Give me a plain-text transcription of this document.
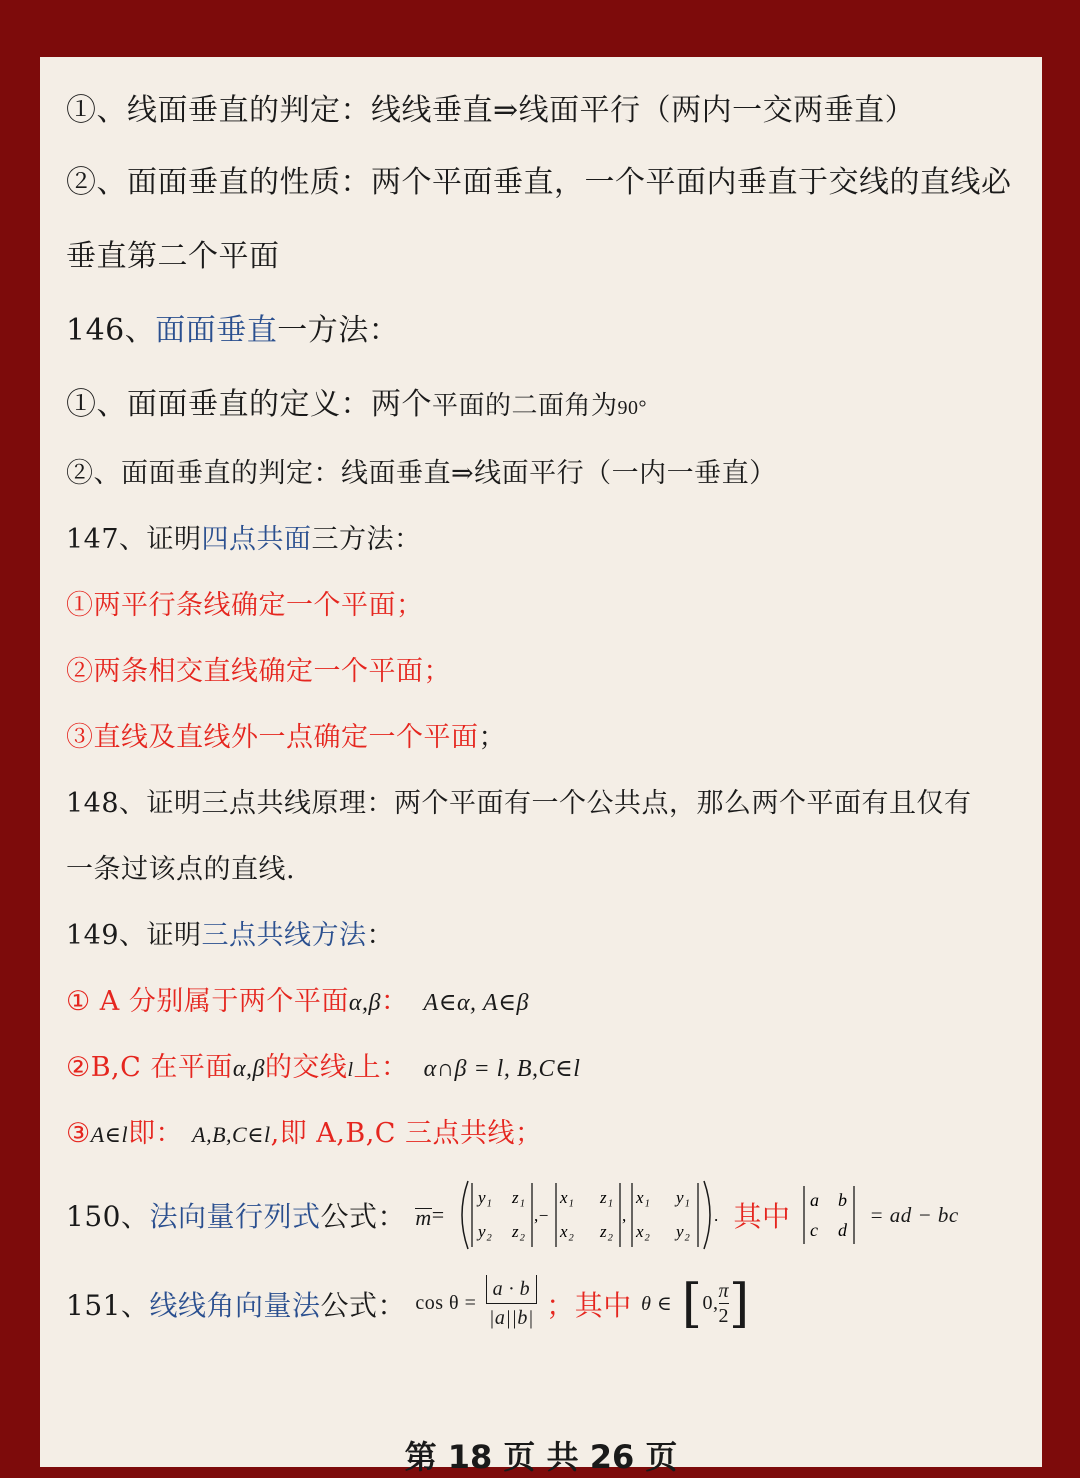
①、线面垂直的判定：线线垂直⇒线面平行（两内一交两垂直）
②、面面垂直的性质：两个平面垂直，一个平面内垂直于交线的直线必
垂直第二个平面
146、面面垂直一方法：
①、面面垂直的定义：两个平面的二面角为90°
②、面面垂直的判定：线面垂直⇒线面平行（一内一垂直）
147、证明四点共面三方法：
①两平行条线确定一个平面；
②两条相交直线确定一个平面；
③直线及直线外一点确定一个平面；
148、证明三点共线原理：两个平面有一个公共点，那么两个平面有且仅有
一条过该点的直线.
149、证明三点共线方法：
① A 分别属于两个平面α,β： A∈α, A∈β
②B,C 在平面α,β的交线l上： α∩β = l, B,C∈l
③A∈l即： A,B,C∈l,即 A,B,C 三点共线；
150、法向量行列式公式： m=
y₁ z₁
y₂ z₂
,−
x₁ z₁
x₂ z₂
,
x₁ y₁
x₂ y₂
. 其中 a b
c d
= ad − bc
151、线线角向量法公式： $\cos \theta = \frac{a \cdot b}{|a||b|}$ ；其中 θ ∈ [0, $\frac{\pi}{2}$ ]
第 18 页 共 26 页
